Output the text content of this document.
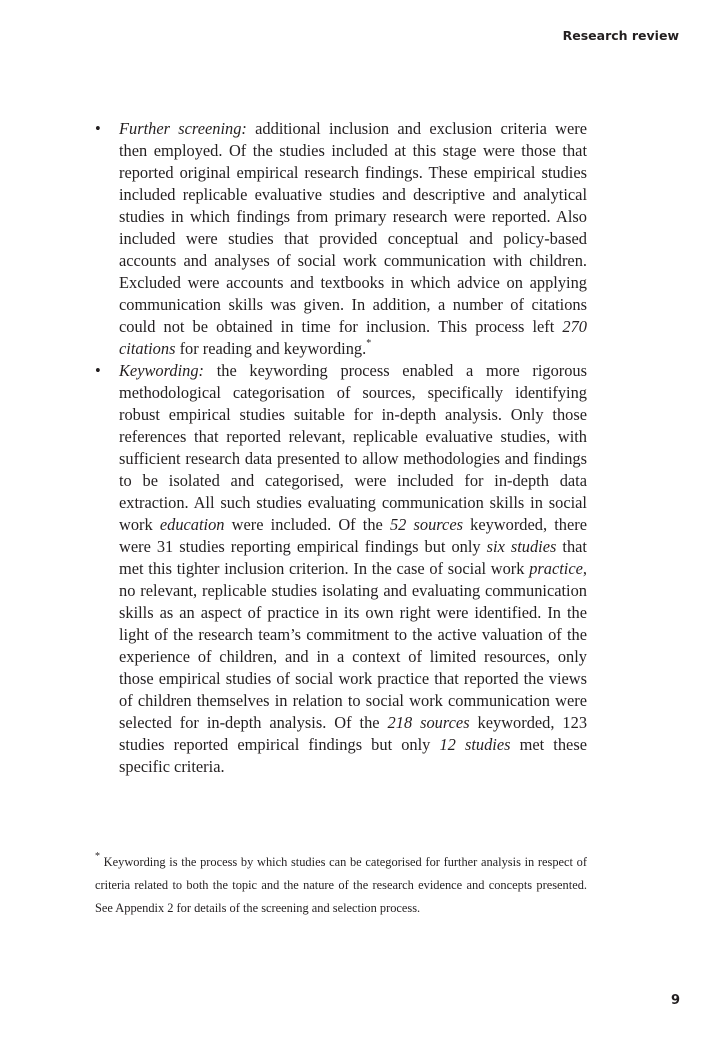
Research review
• Further screening: additional inclusion and exclusion criteria were then employed. Of the studies included at this stage were those that reported original empirical research findings. These empirical studies included replicable evaluative studies and descriptive and analytical studies in which findings from primary research were reported. Also included were studies that provided conceptual and policy-based accounts and analyses of social work communication with children. Excluded were accounts and textbooks in which advice on applying communication skills was given. In addition, a number of citations could not be obtained in time for inclusion. This process left 270 citations for reading and keywording.*
• Keywording: the keywording process enabled a more rigorous methodological categorisation of sources, specifically identifying robust empirical studies suitable for in-depth analysis. Only those references that reported relevant, replicable evaluative studies, with sufficient research data presented to allow methodologies and findings to be isolated and categorised, were included for in-depth data extraction. All such studies evaluating communication skills in social work education were included. Of the 52 sources keyworded, there were 31 studies reporting empirical findings but only six studies that met this tighter inclusion criterion. In the case of social work practice, no relevant, replicable studies isolating and evaluating communication skills as an aspect of practice in its own right were identified. In the light of the research team’s commitment to the active valuation of the experience of children, and in a context of limited resources, only those empirical studies of social work practice that reported the views of children themselves in relation to social work communication were selected for in-depth analysis. Of the 218 sources keyworded, 123 studies reported empirical findings but only 12 studies met these specific criteria.
* Keywording is the process by which studies can be categorised for further analysis in respect of criteria related to both the topic and the nature of the research evidence and concepts presented. See Appendix 2 for details of the screening and selection process.
9
